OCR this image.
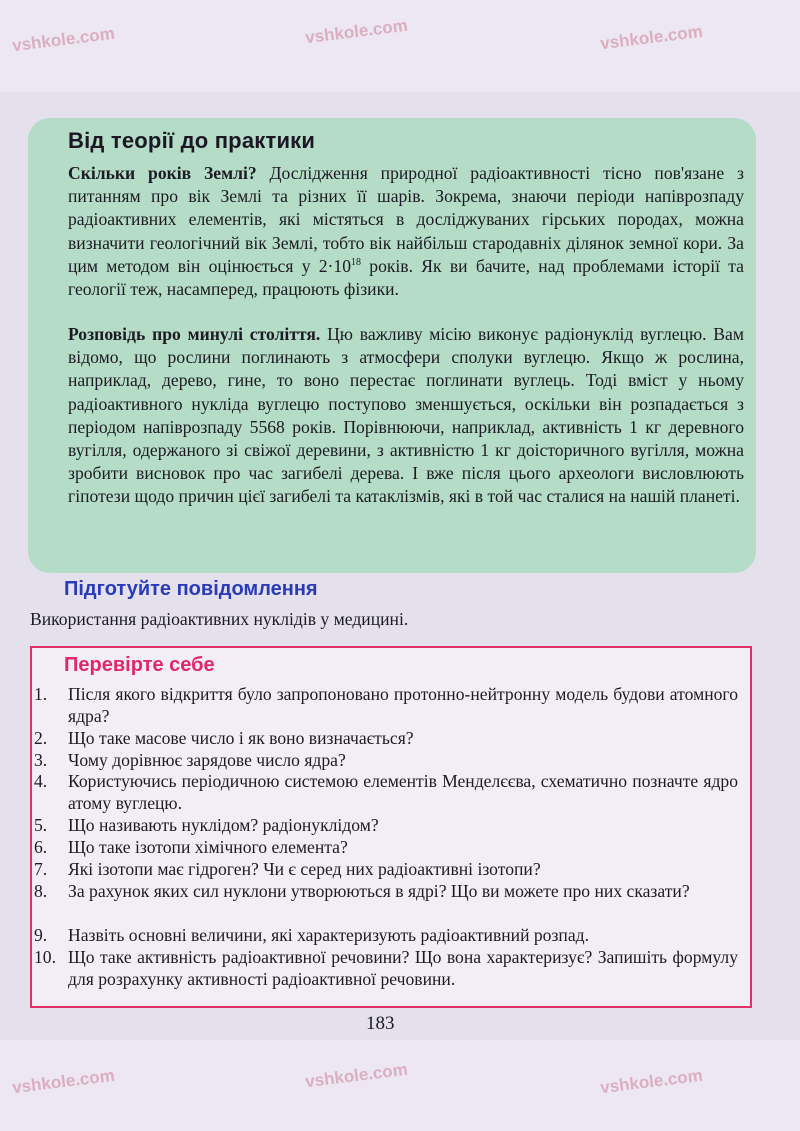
vshkole.com	vshkole.com	vshkole.com
vshkole.com	vshkole.com	vshkole.com
Від теорії до практики

Скільки років Землі? Дослідження природної радіоактивності тісно пов'язане з питанням про вік Землі та різних її шарів. Зокрема, знаючи періоди напіврозпаду радіоактивних елементів, які містяться в досліджуваних гірських породах, можна визначити геологічний вік Землі, тобто вік найбільш стародавніх ділянок земної кори. За цим методом він оцінюється у $2\cdot 10^{18}$ років. Як ви бачите, над проблемами історії та геології теж, насамперед, працюють фізики.

Розповідь про минулі століття. Цю важливу місію виконує радіонуклід вуглецю. Вам відомо, що рослини поглинають з атмосфери сполуки вуглецю. Якщо ж рослина, наприклад, дерево, гине, то воно перестає поглинати вуглець. Тоді вміст у ньому радіоактивного нукліда вуглецю поступово зменшується, оскільки він розпадається з періодом напіврозпаду 5568 років. Порівнюючи, наприклад, активність 1 кг деревного вугілля, одержаного зі свіжої деревини, з активністю 1 кг доісторичного вугілля, можна зробити висновок про час загибелі дерева. І вже після цього археологи висловлюють гіпотези щодо причин цієї загибелі та катаклізмів, які в той час сталися на нашій планеті.

Підготуйте повідомлення

Використання радіоактивних нуклідів у медицині.

Перевірте себе

1.	Після якого відкриття було запропоновано протонно-нейтронну модель будови атомного ядра?

2.	Що таке масове число і як воно визначається?

3.	Чому дорівнює зарядове число ядра?

4.	Користуючись періодичною системою елементів Менделєєва, схематично позначте ядро атому вуглецю.

5.	Що називають нуклідом? радіонуклідом?

6.	Що таке ізотопи хімічного елемента?

7.	Які ізотопи має гідроген? Чи є серед них радіоактивні ізотопи?

8.	За рахунок яких сил нуклони утворюються в ядрі? Що ви можете про них сказати?

9.	Назвіть основні величини, які характеризують радіоактивний розпад.

10. Що таке активність радіоактивної речовини? Що вона характеризує? Запишіть формулу для розрахунку активності радіоактивної речовини.

183
